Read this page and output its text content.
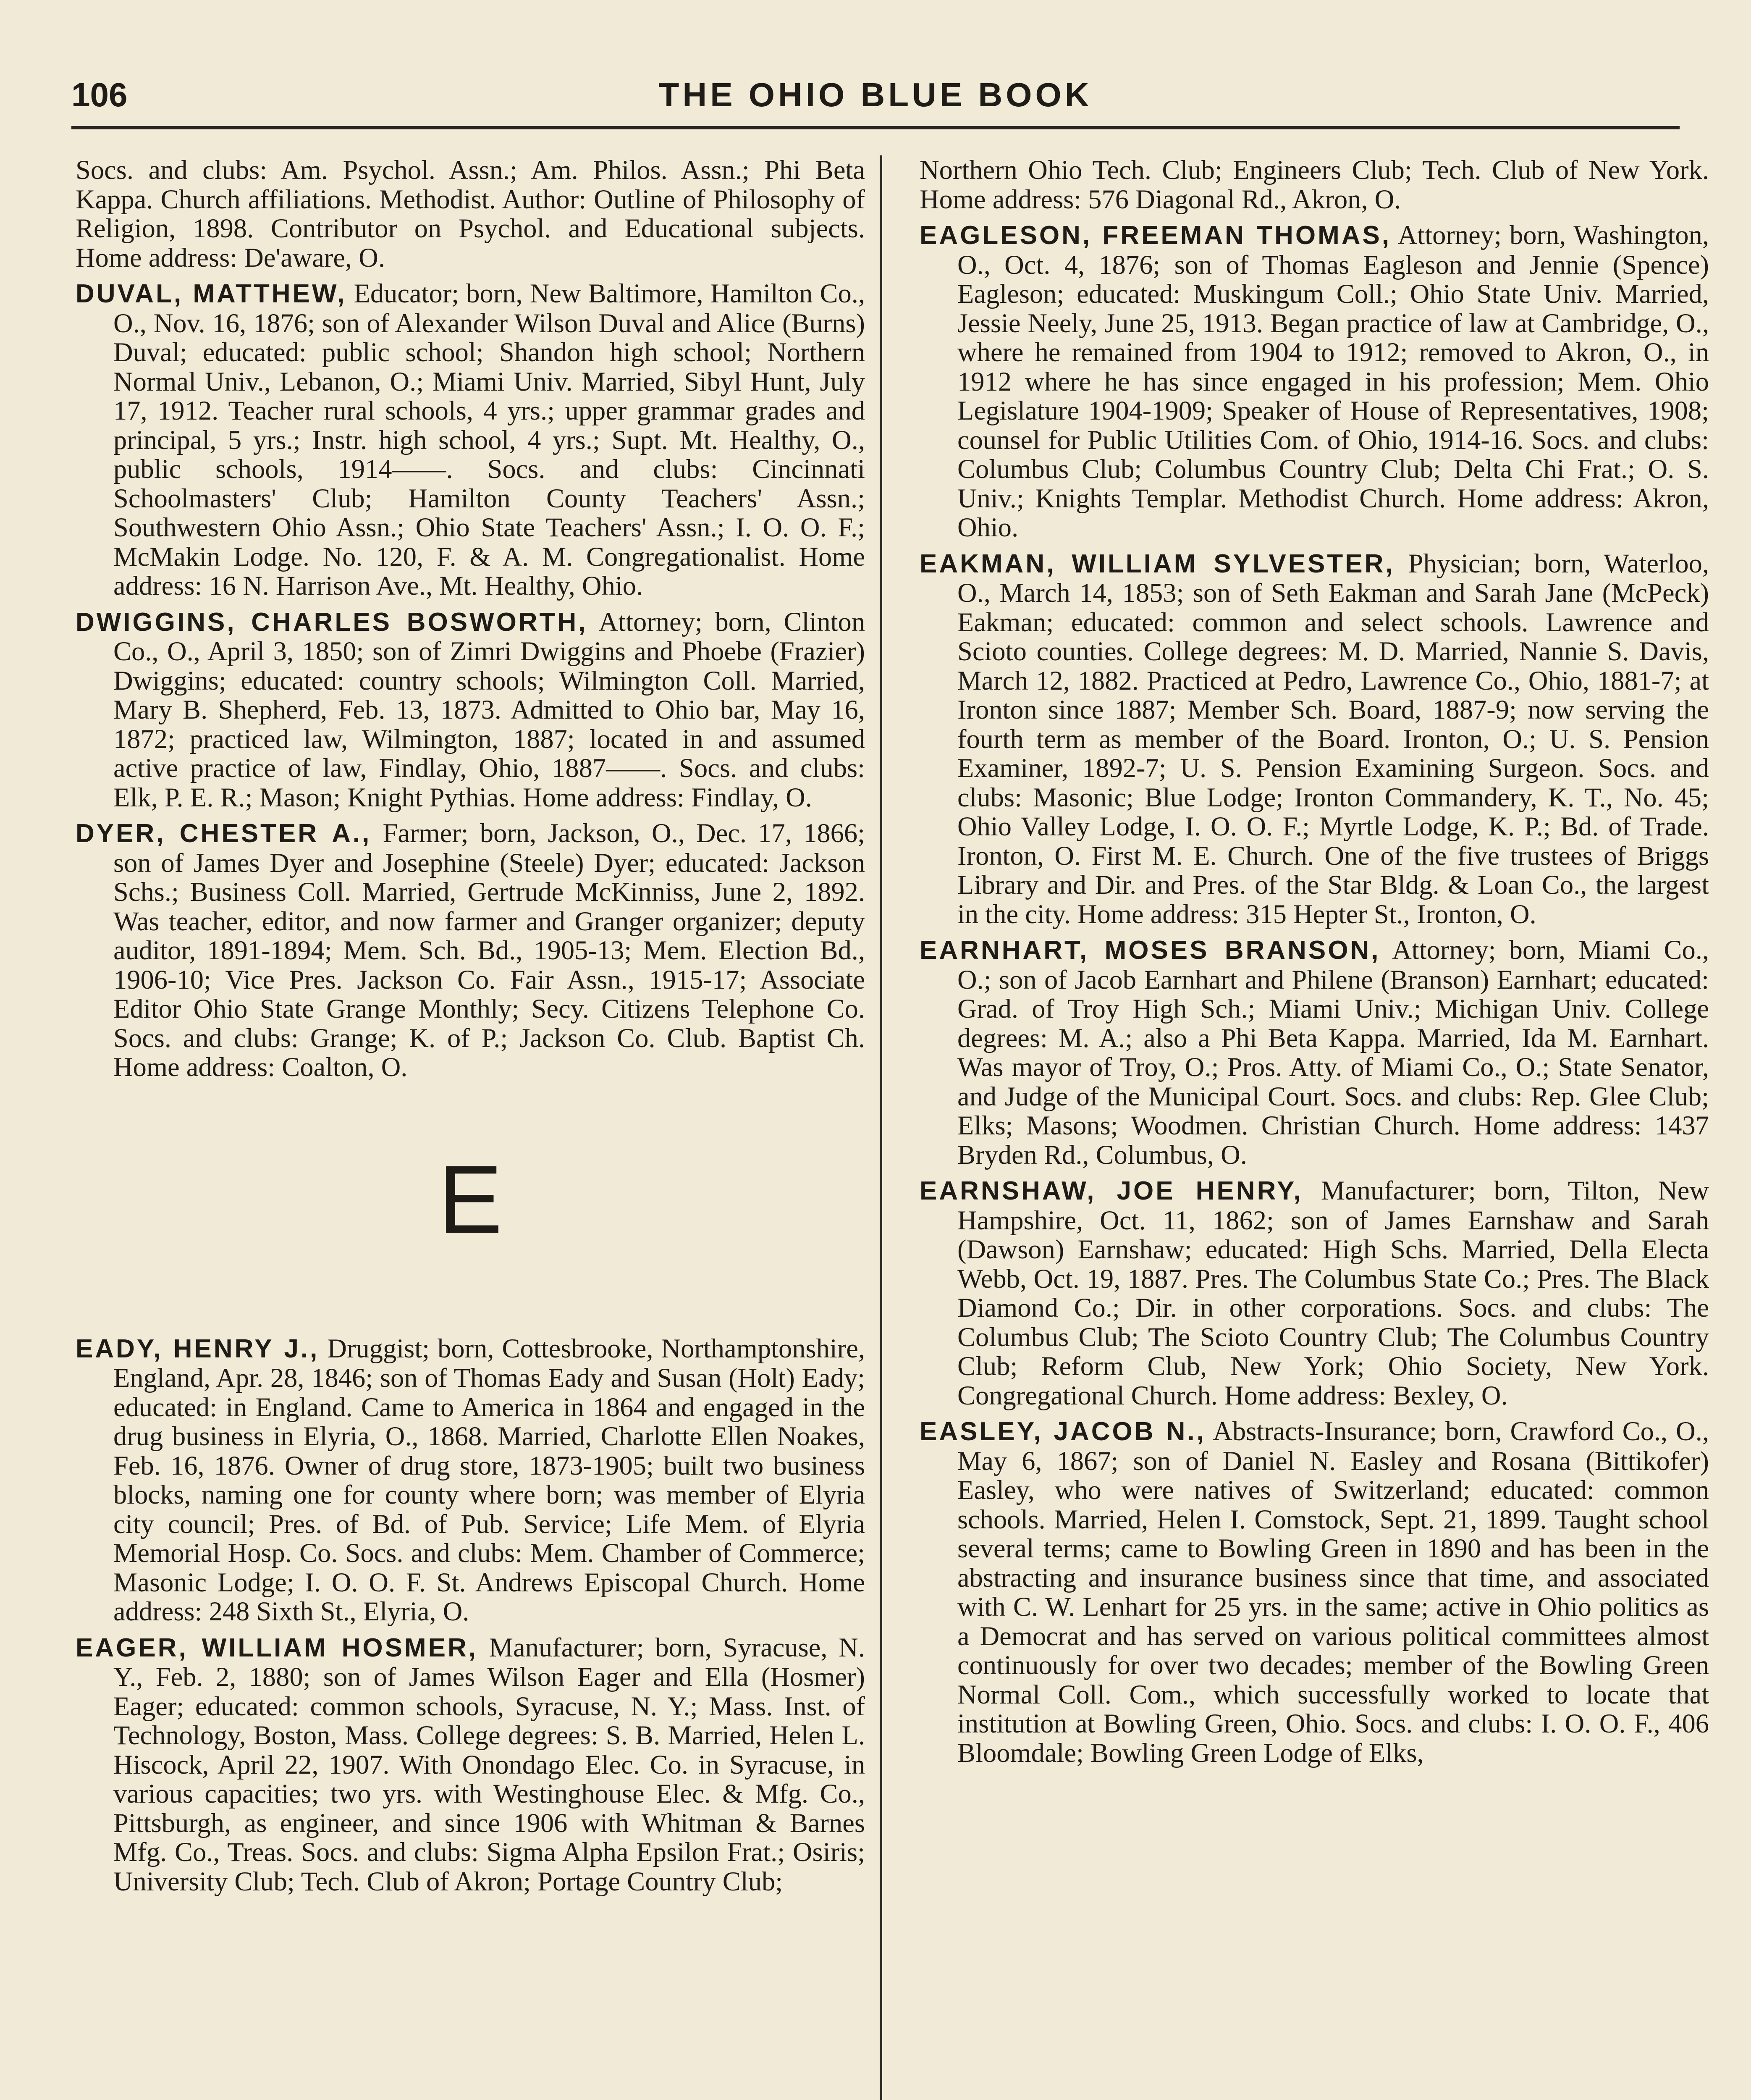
106	THE OHIO BLUE BOOK

Socs. and clubs: Am. Psychol. Assn.; Am. Philos. Assn.; Phi Beta Kappa. Church affiliations. Methodist. Author: Outline of Philosophy of Religion, 1898. Contributor on Psychol. and Educational subjects. Home address: De'aware, O.

DUVAL, MATTHEW, Educator; born, New Baltimore, Hamilton Co., O., Nov. 16, 1876; son of Alexander Wilson Duval and Alice (Burns) Duval; educated: public school; Shandon high school; Northern Normal Univ., Lebanon, O.; Miami Univ. Married, Sibyl Hunt, July 17, 1912. Teacher rural schools, 4 yrs.; upper grammar grades and principal, 5 yrs.; Instr. high school, 4 yrs.; Supt. Mt. Healthy, O., public schools, 1914——. Socs. and clubs: Cincinnati Schoolmasters' Club; Hamilton County Teachers' Assn.; Southwestern Ohio Assn.; Ohio State Teachers' Assn.; I. O. O. F.; McMakin Lodge. No. 120, F. & A. M. Congregationalist. Home address: 16 N. Harrison Ave., Mt. Healthy, Ohio.

DWIGGINS, CHARLES BOSWORTH, Attorney; born, Clinton Co., O., April 3, 1850; son of Zimri Dwiggins and Phoebe (Frazier) Dwiggins; educated: country schools; Wilmington Coll. Married, Mary B. Shepherd, Feb. 13, 1873. Admitted to Ohio bar, May 16, 1872; practiced law, Wilmington, 1887; located in and assumed active practice of law, Findlay, Ohio, 1887——. Socs. and clubs: Elk, P. E. R.; Mason; Knight Pythias. Home address: Findlay, O.

DYER, CHESTER A., Farmer; born, Jackson, O., Dec. 17, 1866; son of James Dyer and Josephine (Steele) Dyer; educated: Jackson Schs.; Business Coll. Married, Gertrude McKinniss, June 2, 1892. Was teacher, editor, and now farmer and Granger organizer; deputy auditor, 1891-1894; Mem. Sch. Bd., 1905-13; Mem. Election Bd., 1906-10; Vice Pres. Jackson Co. Fair Assn., 1915-17; Associate Editor Ohio State Grange Monthly; Secy. Citizens Telephone Co. Socs. and clubs: Grange; K. of P.; Jackson Co. Club. Baptist Ch. Home address: Coalton, O.

E

EADY, HENRY J., Druggist; born, Cottesbrooke, Northamptonshire, England, Apr. 28, 1846; son of Thomas Eady and Susan (Holt) Eady; educated: in England. Came to America in 1864 and engaged in the drug business in Elyria, O., 1868. Married, Charlotte Ellen Noakes, Feb. 16, 1876. Owner of drug store, 1873-1905; built two business blocks, naming one for county where born; was member of Elyria city council; Pres. of Bd. of Pub. Service; Life Mem. of Elyria Memorial Hosp. Co. Socs. and clubs: Mem. Chamber of Commerce; Masonic Lodge; I. O. O. F. St. Andrews Episcopal Church. Home address: 248 Sixth St., Elyria, O.

EAGER, WILLIAM HOSMER, Manufacturer; born, Syracuse, N. Y., Feb. 2, 1880; son of James Wilson Eager and Ella (Hosmer) Eager; educated: common schools, Syracuse, N. Y.; Mass. Inst. of Technology, Boston, Mass. College degrees: S. B. Married, Helen L. Hiscock, April 22, 1907. With Onondago Elec. Co. in Syracuse, in various capacities; two yrs. with Westinghouse Elec. & Mfg. Co., Pittsburgh, as engineer, and since 1906 with Whitman & Barnes Mfg. Co., Treas. Socs. and clubs: Sigma Alpha Epsilon Frat.; Osiris; University Club; Tech. Club of Akron; Portage Country Club;

Northern Ohio Tech. Club; Engineers Club; Tech. Club of New York. Home address: 576 Diagonal Rd., Akron, O.

EAGLESON, FREEMAN THOMAS, Attorney; born, Washington, O., Oct. 4, 1876; son of Thomas Eagleson and Jennie (Spence) Eagleson; educated: Muskingum Coll.; Ohio State Univ. Married, Jessie Neely, June 25, 1913. Began practice of law at Cambridge, O., where he remained from 1904 to 1912; removed to Akron, O., in 1912 where he has since engaged in his profession; Mem. Ohio Legislature 1904-1909; Speaker of House of Representatives, 1908; counsel for Public Utilities Com. of Ohio, 1914-16. Socs. and clubs: Columbus Club; Columbus Country Club; Delta Chi Frat.; O. S. Univ.; Knights Templar. Methodist Church. Home address: Akron, Ohio.

EAKMAN, WILLIAM SYLVESTER, Physician; born, Waterloo, O., March 14, 1853; son of Seth Eakman and Sarah Jane (McPeck) Eakman; educated: common and select schools. Lawrence and Scioto counties. College degrees: M. D. Married, Nannie S. Davis, March 12, 1882. Practiced at Pedro, Lawrence Co., Ohio, 1881-7; at Ironton since 1887; Member Sch. Board, 1887-9; now serving the fourth term as member of the Board. Ironton, O.; U. S. Pension Examiner, 1892-7; U. S. Pension Examining Surgeon. Socs. and clubs: Masonic; Blue Lodge; Ironton Commandery, K. T., No. 45; Ohio Valley Lodge, I. O. O. F.; Myrtle Lodge, K. P.; Bd. of Trade. Ironton, O. First M. E. Church. One of the five trustees of Briggs Library and Dir. and Pres. of the Star Bldg. & Loan Co., the largest in the city. Home address: 315 Hepter St., Ironton, O.

EARNHART, MOSES BRANSON, Attorney; born, Miami Co., O.; son of Jacob Earnhart and Philene (Branson) Earnhart; educated: Grad. of Troy High Sch.; Miami Univ.; Michigan Univ. College degrees: M. A.; also a Phi Beta Kappa. Married, Ida M. Earnhart. Was mayor of Troy, O.; Pros. Atty. of Miami Co., O.; State Senator, and Judge of the Municipal Court. Socs. and clubs: Rep. Glee Club; Elks; Masons; Woodmen. Christian Church. Home address: 1437 Bryden Rd., Columbus, O.

EARNSHAW, JOE HENRY, Manufacturer; born, Tilton, New Hampshire, Oct. 11, 1862; son of James Earnshaw and Sarah (Dawson) Earnshaw; educated: High Schs. Married, Della Electa Webb, Oct. 19, 1887. Pres. The Columbus State Co.; Pres. The Black Diamond Co.; Dir. in other corporations. Socs. and clubs: The Columbus Club; The Scioto Country Club; The Columbus Country Club; Reform Club, New York; Ohio Society, New York. Congregational Church. Home address: Bexley, O.

EASLEY, JACOB N., Abstracts-Insurance; born, Crawford Co., O., May 6, 1867; son of Daniel N. Easley and Rosana (Bittikofer) Easley, who were natives of Switzerland; educated: common schools. Married, Helen I. Comstock, Sept. 21, 1899. Taught school several terms; came to Bowling Green in 1890 and has been in the abstracting and insurance business since that time, and associated with C. W. Lenhart for 25 yrs. in the same; active in Ohio politics as a Democrat and has served on various political committees almost continuously for over two decades; member of the Bowling Green Normal Coll. Com., which successfully worked to locate that institution at Bowling Green, Ohio. Socs. and clubs: I. O. O. F., 406 Bloomdale; Bowling Green Lodge of Elks,
